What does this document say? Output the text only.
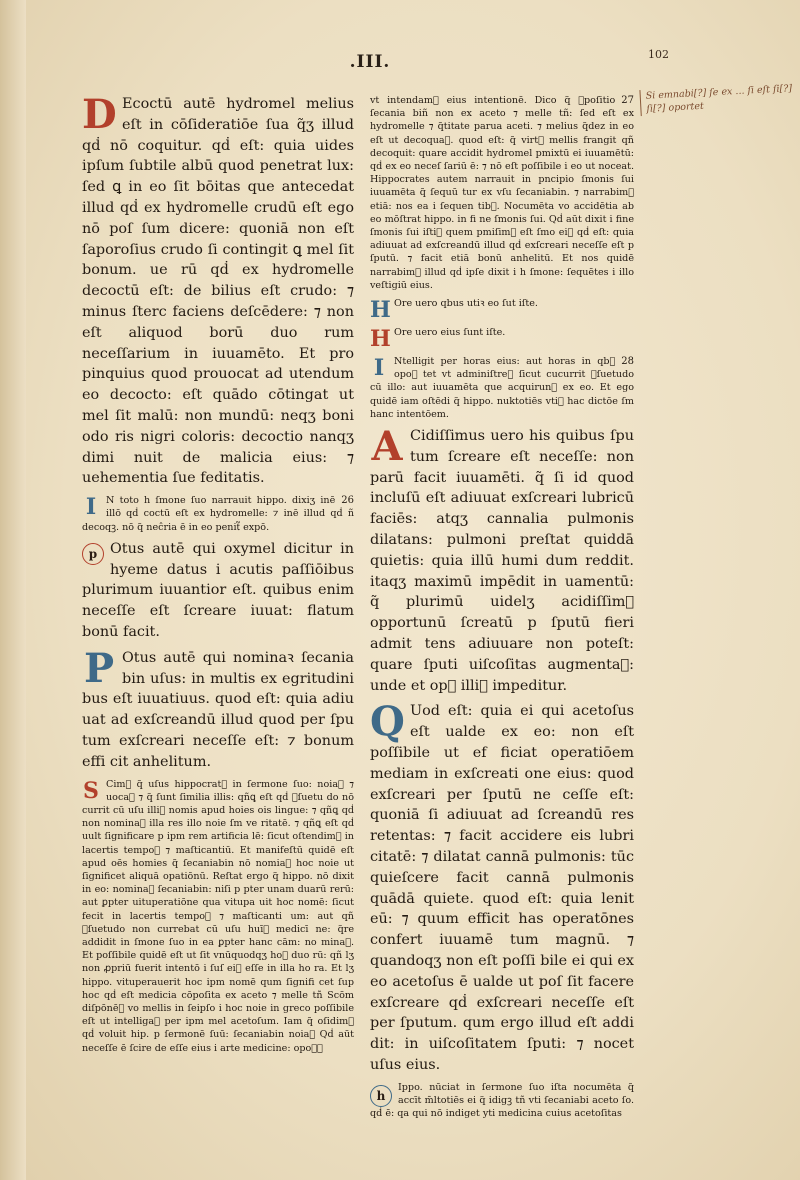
.III.	102
Si emnabi[?] ſe ex ... ſi eſt ſi[?] ſi[?] oportet
D Ecoctū autē hydromel melius eſt in cōſideratiōe ſua q̃ʒ illud qḋ nō coquitur. qḋ eſt: quia uides ipſum ſubtile albū quod penetrat lux: ſed ꝗ in eo ſit bōitas que antecedat illud qḋ ex hydromelle crudū eſt ego nō poſ ſum dicere: quoniā non eſt ſaporoſius crudo ſi contingit ꝗ mel ſit bonum. ue rū qḋ ex hydromelle decoctū eſt: de bilius eſt crudo: ⁊ minus ſterc faciens deſcēdere: ⁊ non eſt aliquod borū duo rum neceſſarium in iuuamēto. Et pro pinquius quod prouocat ad utendum eo decocto: eſt quādo cōtingat ut mel ſit malū: non mundū: neqʒ boni odo ris nigri coloris: decoctio nanqʒ dimi nuit de malicia eius: ⁊ uehementia ſue feditatis.
I	26
N toto h ſmone ſuo narrauit hippo. dixiʒ inē illō qḋ coctū eſt ex hydromelle: ⁊ inē illud qḋ ñ decoqꝫ. nō q̃ neĉria ē in eo penit᷑ expō.
p Otus autē qui oxymel dicitur in hyeme datus i acutis paſſiōibus plurimum iuuantior eſt. quibus enim neceſſe eſt ſcreare iuuat: flatum bonū facit.
P Otus autē qui nominaꝛ ſecania bin uſus: in multis ex egritudini bus eſt iuuatiuus. quod eſt: quia adiu uat ad exſcreandū illud quod per ſpu tum exſcreari neceſſe eſt: ⁊ bonum effi cit anhelitum.
S Cim᷑ q̃ uſus hippocrat᷑ in ſermone ſuo: noiaꝛ ⁊ uocaꝛ ⁊ q̃ ſunt ſimilia illis: qñꝗ eſt qḋ ꝯſuetu do nō currit cū uſu illi᷑ nomis apud hoies ois lingue: ⁊ qñꝗ qḋ non nominaꝛ illa res illo noie ſm ve ritatē. ⁊ qñꝗ eſt qḋ uult ſignificare p ipm rem artificia lē: ſicut oſtendim᷑ in lacertis tempoꝝ ⁊ maſticantiū. Et manifeſtū quidē eſt apud oēs homies q̃ ſecaniabin nō nomiaꝛ hoc noie ut ſignificet aliquā opatiōnū. Reſtat ergo q̃ hippo. nō dixit in eo: nominaꝛ ſecaniabin: niſi p pter unam duarū rerū: aut ꝑpter uituperatiōne qua vitupa uit hoc nomē: ſicut fecit in lacertis tempoꝝ ⁊ maſticanti um: aut qñ ꝯſuetudo non currebat cū uſu huī᷑ medicī ne: q̃re addidit in ſmone ſuo in ea ꝑpter hanc cām: no minaꝛ. Et poſſibile quidē eſt ut ſit vnūquodqʒ hoꝝ duo rū: qñ lʒ non ꝓpriū fuerit intentō i ſuſ ei᷑ eſſe in illa ho ra. Et lʒ hippo. vituperauerit hoc ipm nomē qum ſignifi cet ſup hoc qḋ eſt medicia cōpoſita ex aceto ⁊ melle tñ Scōm diſpōnē᷑ vo mellis in ſeipſo i hoc noie in greco poſſibile eſt ut intelligaꝛ per ipm mel acetoſum. Iam q̃ oſidim᷑ qḋ voluit hip. p ſermonē ſuū: ſecaniabin noiaꝛ Qḋ aūt neceſſe ē ſcire de eſſe eius i arte medicine: opoꝛꝫ
27
vt intendam᷑ eius intentionē. Dico q̃ ꝯpoſitio ſecania biñ non ex aceto ⁊ melle tñ: ſed eſt ex hydromelle ⁊ q̃titate parua aceti. ⁊ melius q̃dez in eo eſt ut decoquaꝛ. quod eſt: q̃ virt᷑ mellis frangit qñ decoquit: quare accidit hydromel pmixtū ei iuuamētū: qḋ ex eo neceſ ſariū ē: ⁊ nō eſt poſſibile i eo ut noceat. Hippocrates autem narrauit in pncipio ſmonis ſui iuuamēta q̃ ſequū tur ex vſu ſecaniabin. ⁊ narrabim᷑ etiā: nos ea i ſequen tib᷑. Nocumēta vo accidētia ab eo mōſtrat hippo. in fi ne ſmonis ſui. Qḋ aūt dixit i fine ſmonis ſui iſti᷑ quem pmiſim᷑ eſt ſmo ei᷑ qḋ eſt: quia adiuuat ad exſcreandū illud qḋ exſcreari neceſſe eſt p ſputū. ⁊ facit etiā bonū anhelitū. Et nos quidē narrabim᷑ illud qḋ ipſe dixit i h ſmone: ſequētes i illo veſtigiū eius.
H Ore uero qbus utiꝛ eo ſut iſte.
H Ore uero eius ſunt iſte.
I	28
Ntelligit per horas eius: aut horas in qb᷑ opoꝛ tet vt adminiſtreꝛ ſicut cucurrit ꝯſuetudo cū illo: aut iuuamēta que acquirunꝛ ex eo. Et ego quidē iam oſtēdi q̃ hippo. nuktotiēs vtiꝛ hac dictōe ſm hanc intentōem.
A Cidiſſimus uero his quibus ſpu tum ſcreare eſt neceſſe: non parū facit iuuamēti. q̃ ſi id quod incluſū eſt adiuuat exſcreari lubricū faciēs: atqʒ cannalia pulmonis dilatans: pulmoni preſtat quiddā quietis: quia illū humi dum reddit. itaqʒ maximū impēdit in uamentū: q̃ plurimū uidelʒ acidiſſim᷑ opportunū ſcreatū p ſputū fieri admit tens adiuuare non poteſt: quare ſputi uiſcoſitas augmentaꝛ: unde et op᷑ illi᷑ impeditur.
Q Uod eſt: quia ei qui acetoſus eſt ualde ex eo: non eſt poſſibile ut ef ficiat operatiōem mediam in exſcreati one eius: quod exſcreari per ſputū ne ceſſe eſt: quoniā ſi adiuuat ad ſcreandū res retentas: ⁊ facit accidere eis lubri citatē: ⁊ dilatat cannā pulmonis: tūc quieſcere facit cannā pulmonis quādā quiete. quod eſt: quia lenit eū: ⁊ quum efficit has operatōnes confert iuuamē tum magnū. ⁊ quandoqʒ non eſt poſſi bile ei qui ex eo acetoſus ē ualde ut poſ ſit facere exſcreare qḋ exſcreari neceſſe eſt per ſputum. qum ergo illud eſt addi dit: in uiſcoſitatem ſputi: ⁊ nocet uſus eius.
h
Ippo. nūciat in ſermone ſuo iſta nocumēta q̃ accīt m̄ltotiēs ei q̃ idigꝫ tñ vti ſecaniabi aceto ſo. qḋ ē: qa qui nō indiget yti medicina cuius acetoſitas
